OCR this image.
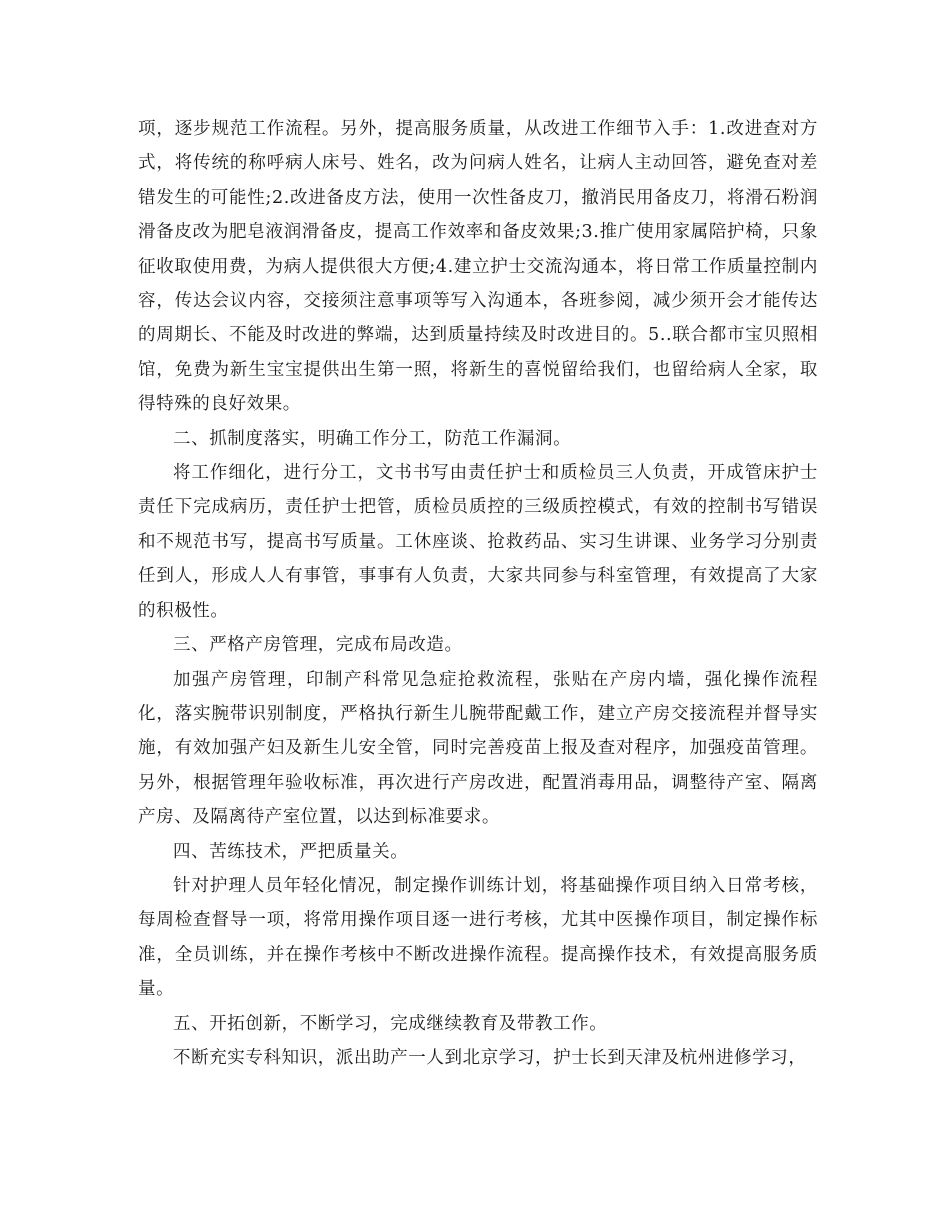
项，逐步规范工作流程。另外，提高服务质量，从改进工作细节入手：1.改进查对方式，将传统的称呼病人床号、姓名，改为问病人姓名，让病人主动回答，避免查对差错发生的可能性;2.改进备皮方法，使用一次性备皮刀，撤消民用备皮刀，将滑石粉润滑备皮改为肥皂液润滑备皮，提高工作效率和备皮效果;3.推广使用家属陪护椅，只象征收取使用费，为病人提供很大方便;4.建立护士交流沟通本，将日常工作质量控制内容，传达会议内容，交接须注意事项等写入沟通本，各班参阅，减少须开会才能传达的周期长、不能及时改进的弊端，达到质量持续及时改进目的。5..联合都市宝贝照相馆，免费为新生宝宝提供出生第一照，将新生的喜悦留给我们，也留给病人全家，取得特殊的良好效果。

二、抓制度落实，明确工作分工，防范工作漏洞。

将工作细化，进行分工，文书书写由责任护士和质检员三人负责，开成管床护士责任下完成病历，责任护士把管，质检员质控的三级质控模式，有效的控制书写错误和不规范书写，提高书写质量。工休座谈、抢救药品、实习生讲课、业务学习分别责任到人，形成人人有事管，事事有人负责，大家共同参与科室管理，有效提高了大家的积极性。

三、严格产房管理，完成布局改造。

加强产房管理，印制产科常见急症抢救流程，张贴在产房内墙，强化操作流程化，落实腕带识别制度，严格执行新生儿腕带配戴工作，建立产房交接流程并督导实施，有效加强产妇及新生儿安全管，同时完善疫苗上报及查对程序，加强疫苗管理。另外，根据管理年验收标准，再次进行产房改进，配置消毒用品，调整待产室、隔离产房、及隔离待产室位置，以达到标准要求。

四、苦练技术，严把质量关。

针对护理人员年轻化情况，制定操作训练计划，将基础操作项目纳入日常考核，每周检查督导一项，将常用操作项目逐一进行考核，尤其中医操作项目，制定操作标准，全员训练，并在操作考核中不断改进操作流程。提高操作技术，有效提高服务质量。

五、开拓创新，不断学习，完成继续教育及带教工作。

不断充实专科知识，派出助产一人到北京学习，护士长到天津及杭州进修学习，
